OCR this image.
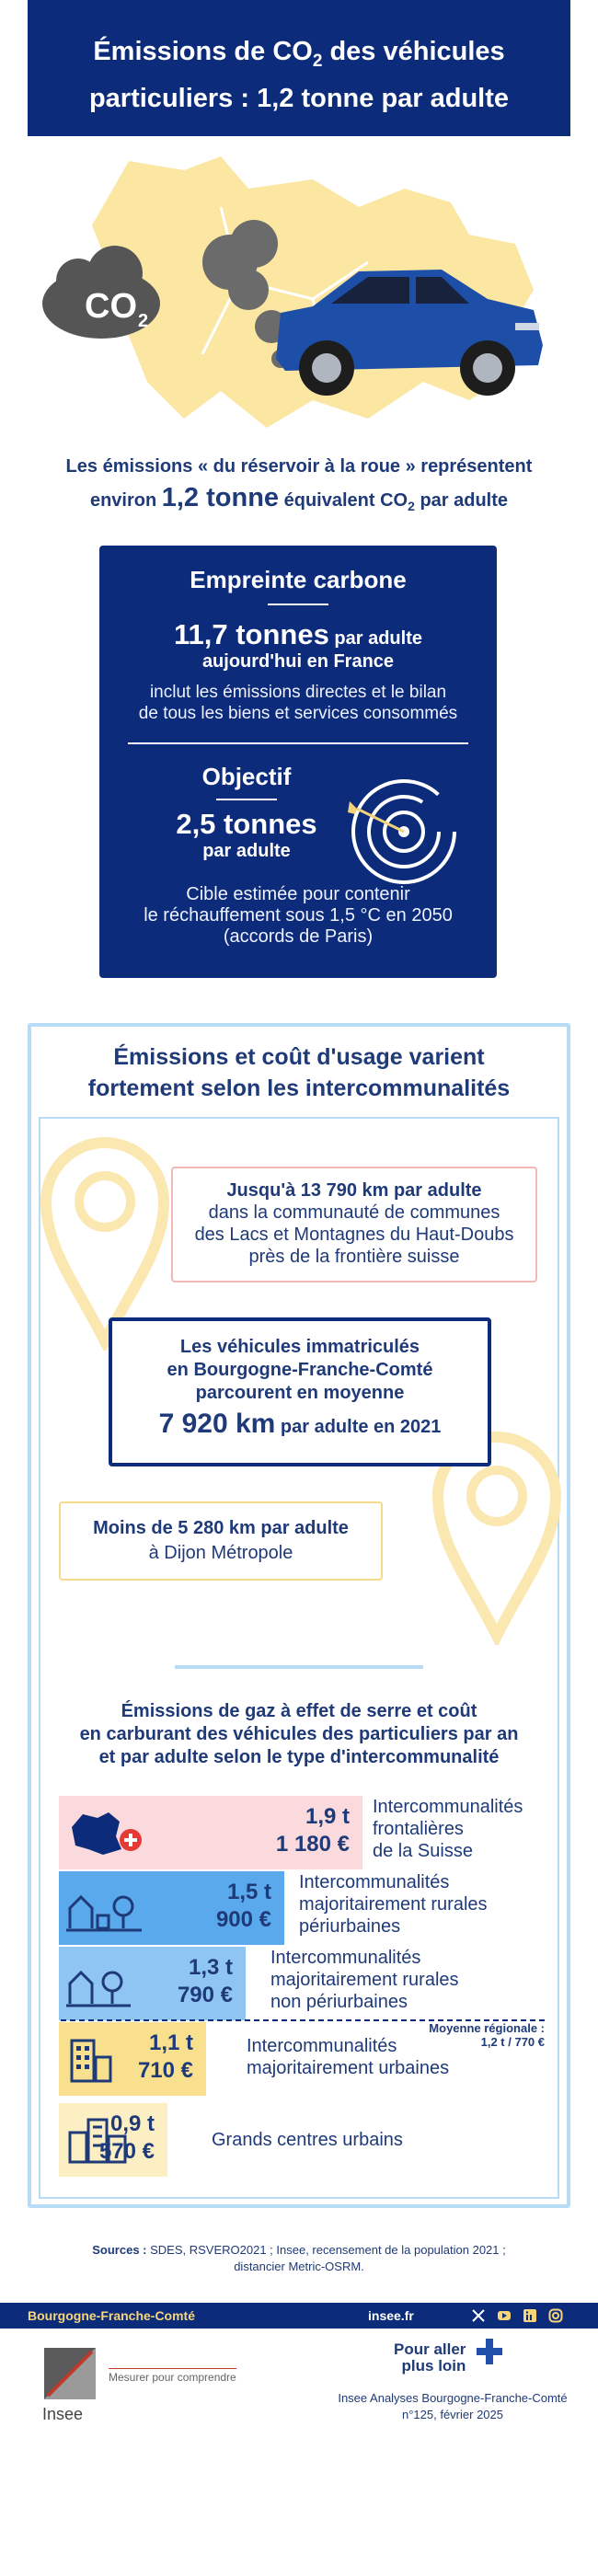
Émissions de $CO_2$ des véhicules
particuliers : 1,2 tonne par adulte
CO 2
Les émissions « du réservoir à la roue » représentent
environ 1,2 tonne équivalent $CO_2$ par adulte
Empreinte carbone
11,7 tonnes par adulte
aujourd'hui en France
inclut les émissions directes et le bilan
de tous les biens et services consommés
Objectif
2,5 tonnes
par adulte
Cible estimée pour contenir
le réchauffement sous 1,5 °C en 2050
(accords de Paris)
Émissions et coût d'usage varient
fortement selon les intercommunalités
Jusqu'à 13 790 km par adulte
dans la communauté de communes
des Lacs et Montagnes du Haut-Doubs
près de la frontière suisse
Les véhicules immatriculés
en Bourgogne-Franche-Comté
parcourent en moyenne
7 920 km par adulte en 2021
Moins de 5 280 km par adulte
à Dijon Métropole
Émissions de gaz à effet de serre et coût
en carburant des véhicules des particuliers par an
et par adulte selon le type d'intercommunalité
1,9 t
1 180 €
Intercommunalités
frontalières
de la Suisse
1,5 t
900 €
Intercommunalités
majoritairement rurales
périurbaines
1,3 t
790 €
Intercommunalités
majoritairement rurales
non périurbaines
Moyenne régionale :
1,2 t / 770 €
1,1 t
710 €
Intercommunalités
majoritairement urbaines
0,9 t
570 €	Grands centres urbains
Sources : SDES, RSVERO2021 ; Insee, recensement de la population 2021 ;
distancier Metric-OSRM.
Bourgogne-Franche-Comté	insee.fr
Insee
Mesurer pour comprendre
Pour aller
plus loin
Insee Analyses Bourgogne-Franche-Comté
n°125, février 2025
